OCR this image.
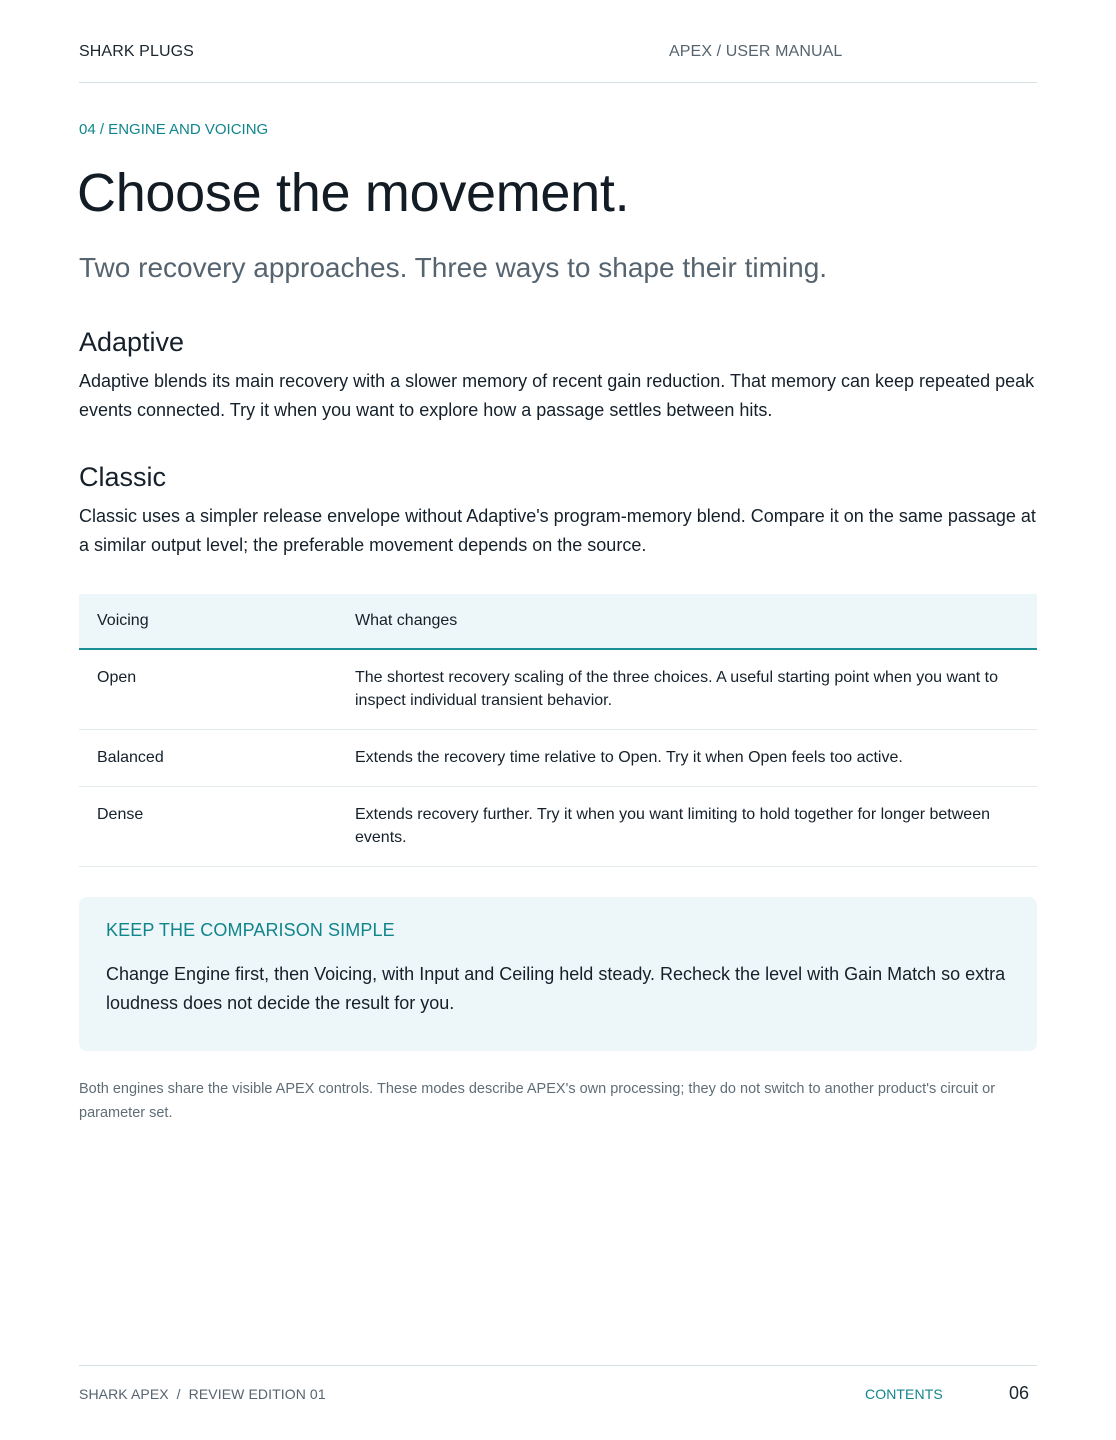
SHARK PLUGS	APEX / USER MANUAL
04 / ENGINE AND VOICING
Choose the movement.
Two recovery approaches. Three ways to shape their timing.
Adaptive

Adaptive blends its main recovery with a slower memory of recent gain reduction. That memory can keep repeated peak events connected. Try it when you want to explore how a passage settles between hits.

Classic

Classic uses a simpler release envelope without Adaptive's program-memory blend. Compare it on the same passage at a similar output level; the preferable movement depends on the source.

Voicing	What changes
Open	The shortest recovery scaling of the three choices. A useful starting point when you want to inspect individual transient behavior.
Balanced	Extends the recovery time relative to Open. Try it when Open feels too active.
Dense	Extends recovery further. Try it when you want limiting to hold together for longer between events.
KEEP THE COMPARISON SIMPLE

Change Engine first, then Voicing, with Input and Ceiling held steady. Recheck the level with Gain Match so extra loudness does not decide the result for you.

Both engines share the visible APEX controls. These modes describe APEX's own processing; they do not switch to another product's circuit or parameter set.

SHARK APEX  /  REVIEW EDITION 01	CONTENTS	06
